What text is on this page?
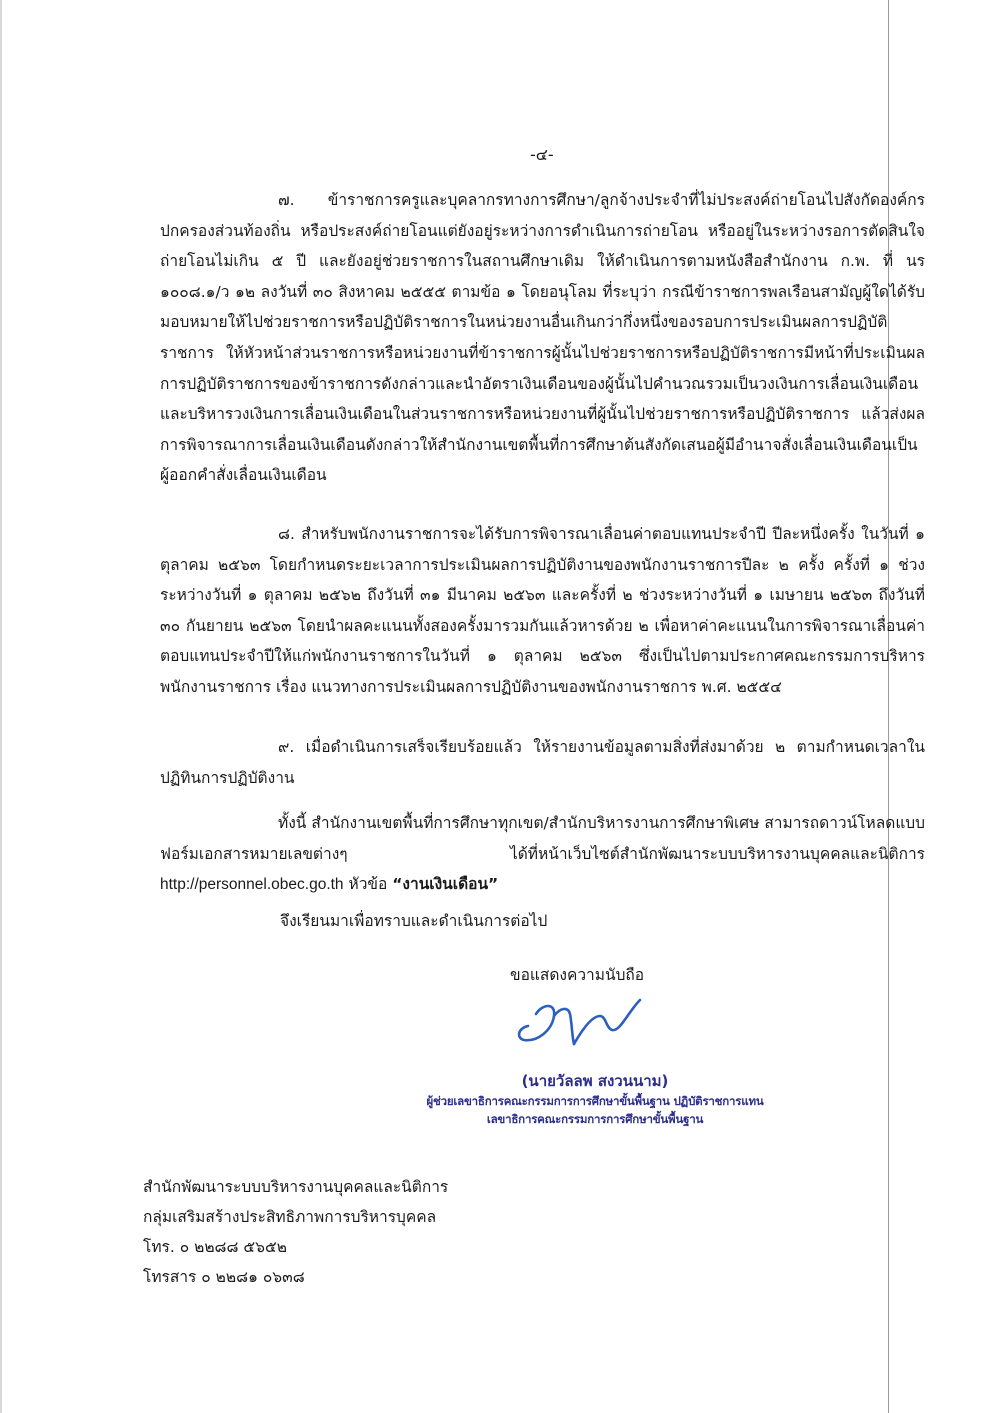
-๔-

๗. ข้าราชการครูและบุคลากรทางการศึกษา/ลูกจ้างประจำที่ไม่ประสงค์ถ่ายโอนไปสังกัดองค์กรปกครองส่วนท้องถิ่น หรือประสงค์ถ่ายโอนแต่ยังอยู่ระหว่างการดำเนินการถ่ายโอน หรืออยู่ในระหว่างรอการตัดสินใจถ่ายโอนไม่เกิน ๕ ปี และยังอยู่ช่วยราชการในสถานศึกษาเดิม ให้ดำเนินการตามหนังสือสำนักงาน ก.พ. ที่ นร ๑๐๐๘.๑/ว ๑๒ ลงวันที่ ๓๐ สิงหาคม ๒๕๕๕ ตามข้อ ๑ โดยอนุโลม ที่ระบุว่า กรณีข้าราชการพลเรือนสามัญผู้ใดได้รับมอบหมายให้ไปช่วยราชการหรือปฏิบัติราชการในหน่วยงานอื่นเกินกว่ากึ่งหนึ่งของรอบการประเมินผลการปฏิบัติราชการ ให้หัวหน้าส่วนราชการหรือหน่วยงานที่ข้าราชการผู้นั้นไปช่วยราชการหรือปฏิบัติราชการมีหน้าที่ประเมินผลการปฏิบัติราชการของข้าราชการดังกล่าวและนำอัตราเงินเดือนของผู้นั้นไปคำนวณรวมเป็นวงเงินการเลื่อนเงินเดือนและบริหารวงเงินการเลื่อนเงินเดือนในส่วนราชการหรือหน่วยงานที่ผู้นั้นไปช่วยราชการหรือปฏิบัติราชการ แล้วส่งผลการพิจารณาการเลื่อนเงินเดือนดังกล่าวให้สำนักงานเขตพื้นที่การศึกษาต้นสังกัดเสนอผู้มีอำนาจสั่งเลื่อนเงินเดือนเป็นผู้ออกคำสั่งเลื่อนเงินเดือน

๘. สำหรับพนักงานราชการจะได้รับการพิจารณาเลื่อนค่าตอบแทนประจำปี ปีละหนึ่งครั้ง ในวันที่ ๑ ตุลาคม ๒๕๖๓ โดยกำหนดระยะเวลาการประเมินผลการปฏิบัติงานของพนักงานราชการปีละ ๒ ครั้ง ครั้งที่ ๑ ช่วงระหว่างวันที่ ๑ ตุลาคม ๒๕๖๒ ถึงวันที่ ๓๑ มีนาคม ๒๕๖๓ และครั้งที่ ๒ ช่วงระหว่างวันที่ ๑ เมษายน ๒๕๖๓ ถึงวันที่ ๓๐ กันยายน ๒๕๖๓ โดยนำผลคะแนนทั้งสองครั้งมารวมกันแล้วหารด้วย ๒ เพื่อหาค่าคะแนนในการพิจารณาเลื่อนค่าตอบแทนประจำปีให้แก่พนักงานราชการในวันที่ ๑ ตุลาคม ๒๕๖๓ ซึ่งเป็นไปตามประกาศคณะกรรมการบริหารพนักงานราชการ เรื่อง แนวทางการประเมินผลการปฏิบัติงานของพนักงานราชการ พ.ศ. ๒๕๕๔

๙. เมื่อดำเนินการเสร็จเรียบร้อยแล้ว ให้รายงานข้อมูลตามสิ่งที่ส่งมาด้วย ๒ ตามกำหนดเวลาในปฏิทินการปฏิบัติงาน

ทั้งนี้ สำนักงานเขตพื้นที่การศึกษาทุกเขต/สำนักบริหารงานการศึกษาพิเศษ สามารถดาวน์โหลดแบบฟอร์มเอกสารหมายเลขต่างๆ ได้ที่หน้าเว็บไซต์สำนักพัฒนาระบบบริหารงานบุคคลและนิติการ http://personnel.obec.go.th หัวข้อ “งานเงินเดือน”

จึงเรียนมาเพื่อทราบและดำเนินการต่อไป
ขอแสดงความนับถือ
(นายวัลลพ สงวนนาม)
ผู้ช่วยเลขาธิการคณะกรรมการการศึกษาขั้นพื้นฐาน ปฏิบัติราชการแทน
เลขาธิการคณะกรรมการการศึกษาขั้นพื้นฐาน
สำนักพัฒนาระบบบริหารงานบุคคลและนิติการ
กลุ่มเสริมสร้างประสิทธิภาพการบริหารบุคคล
โทร. ๐ ๒๒๘๘ ๕๖๕๒
โทรสาร ๐ ๒๒๘๑ ๐๖๓๘
